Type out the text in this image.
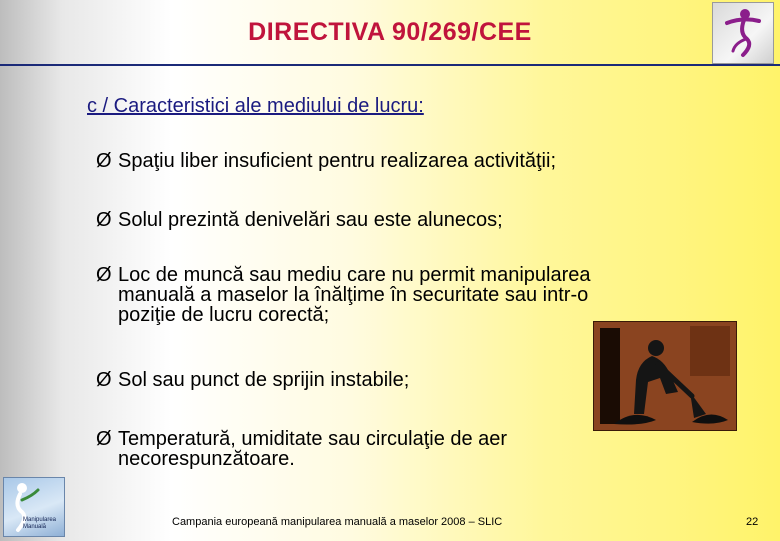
DIRECTIVA 90/269/CEE
c / Caracteristici ale mediului de lucru:
Ø Spaţiu liber insuficient pentru realizarea activităţii;
Ø Solul prezintă denivelări sau este alunecos;
Ø Loc de muncă sau mediu care nu permit manipularea
manuală a maselor la înălţime în securitate sau intr-o
poziţie de lucru corectă;
Ø Sol sau punct de sprijin instabile;
Ø Temperatură, umiditate sau circulaţie de aer
necorespunzătoare.
Manipularea
Manuală	Campania europeană manipularea manuală a maselor 2008 – SLIC	22
